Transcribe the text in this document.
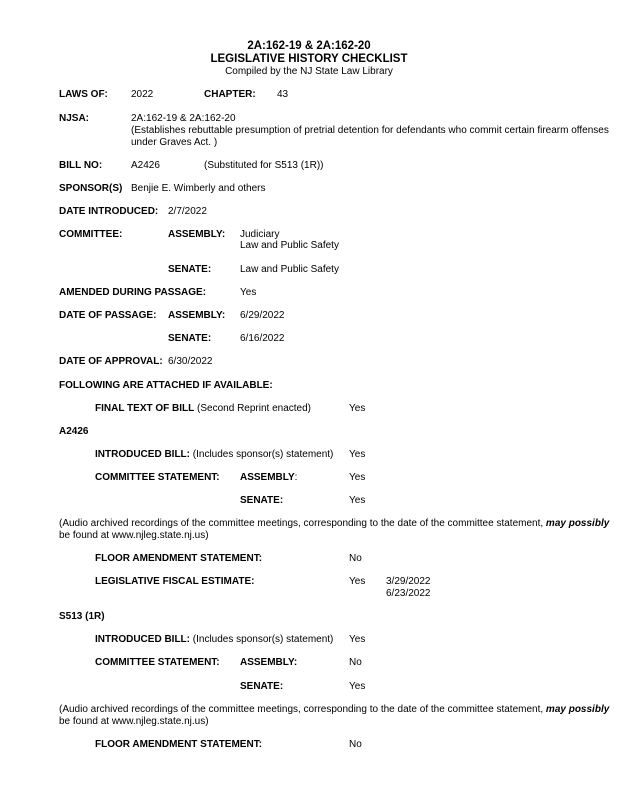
2A:162-19 & 2A:162-20
LEGISLATIVE HISTORY CHECKLIST
Compiled by the NJ State Law Library
LAWS OF: 2022	CHAPTER: 43
NJSA:	2A:162-19 & 2A:162-20
(Establishes rebuttable presumption of pretrial detention for defendants who commit certain firearm offenses
under Graves Act. )
BILL NO:	A2426	(Substituted for S513 (1R))
SPONSOR(S) Benjie E. Wimberly and others
DATE INTRODUCED: 2/7/2022
COMMITTEE:	ASSEMBLY: Judiciary
Law and Public Safety
SENATE:	Law and Public Safety
AMENDED DURING PASSAGE:	Yes
DATE OF PASSAGE: ASSEMBLY: 6/29/2022
SENATE:	6/16/2022
DATE OF APPROVAL: 6/30/2022
FOLLOWING ARE ATTACHED IF AVAILABLE:
FINAL TEXT OF BILL (Second Reprint enacted)	Yes
A2426
INTRODUCED BILL: (Includes sponsor(s) statement) Yes
COMMITTEE STATEMENT: ASSEMBLY:	Yes
SENATE:	Yes
(Audio archived recordings of the committee meetings, corresponding to the date of the committee statement, may possibly
be found at www.njleg.state.nj.us)
FLOOR AMENDMENT STATEMENT:	No
LEGISLATIVE FISCAL ESTIMATE:	Yes 3/29/2022
6/23/2022
S513 (1R)
INTRODUCED BILL: (Includes sponsor(s) statement) Yes
COMMITTEE STATEMENT: ASSEMBLY:	No
SENATE:	Yes
(Audio archived recordings of the committee meetings, corresponding to the date of the committee statement, may possibly
be found at www.njleg.state.nj.us)
FLOOR AMENDMENT STATEMENT:	No
